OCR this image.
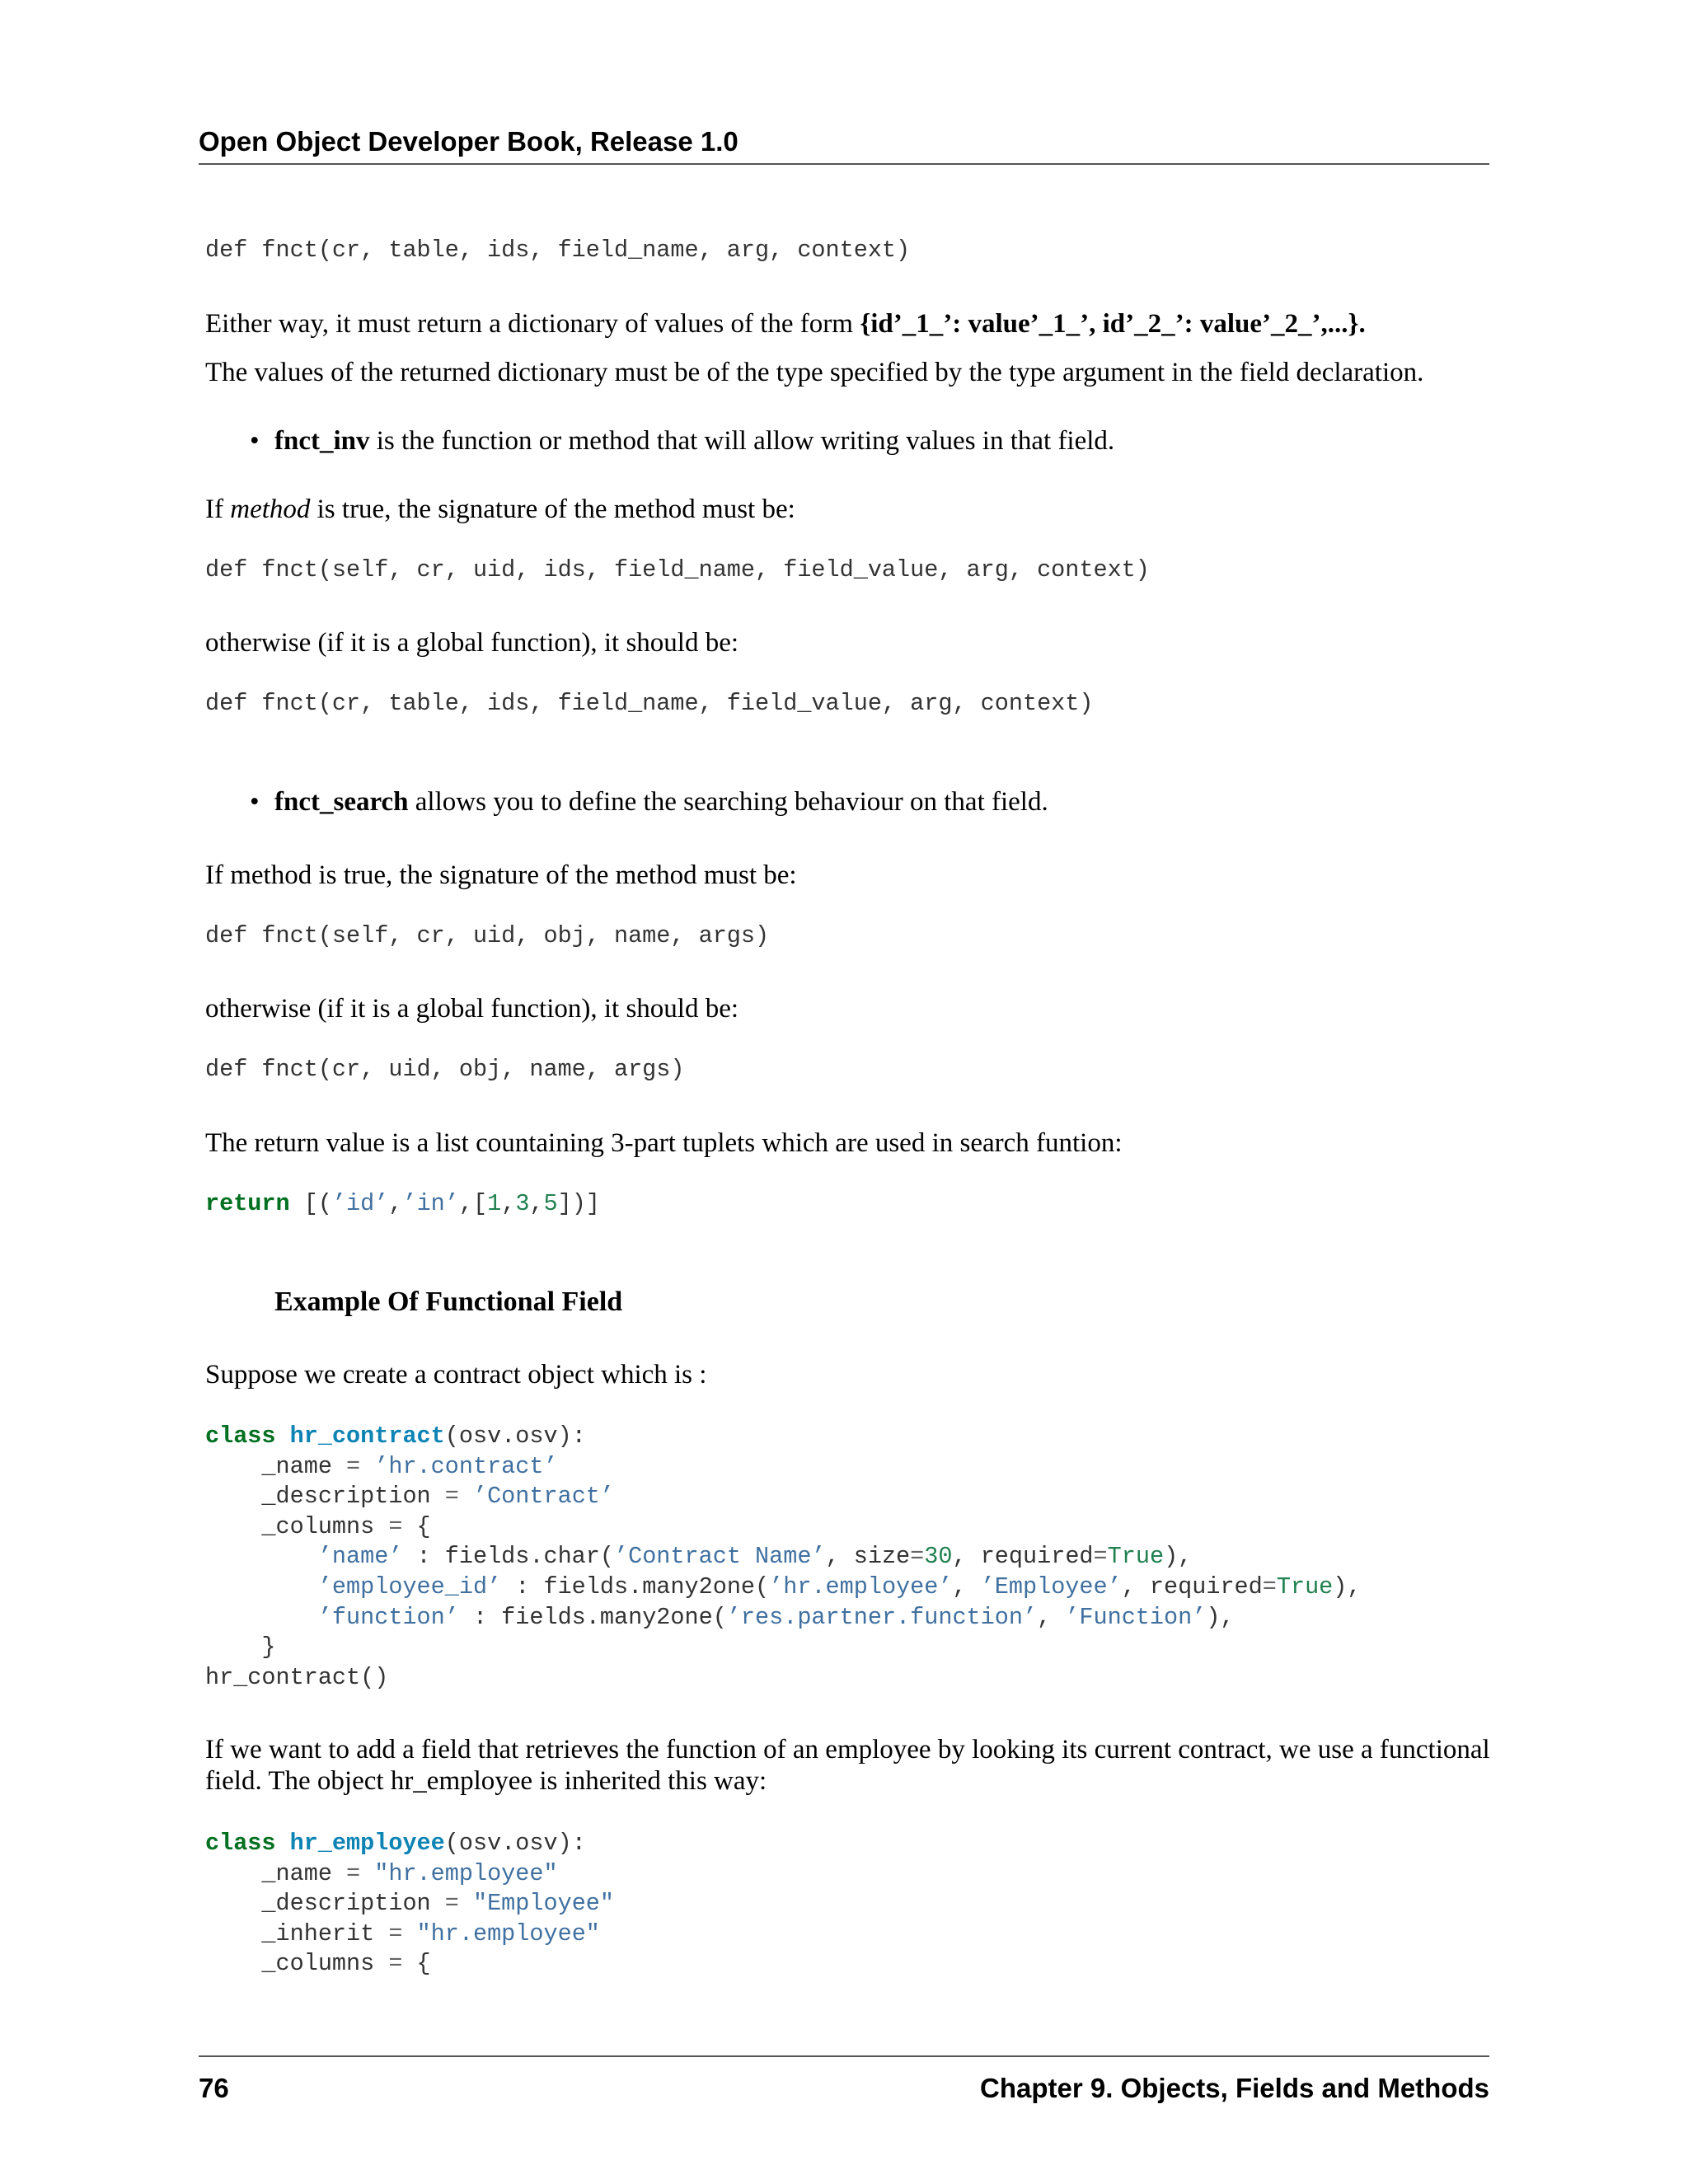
Open Object Developer Book, Release 1.0
def fnct(cr, table, ids, field_name, arg, context)
Either way, it must return a dictionary of values of the form {id’_1_’: value’_1_’, id’_2_’: value’_2_’,...}.
The values of the returned dictionary must be of the type specified by the type argument in the field declaration.
• fnct_inv is the function or method that will allow writing values in that field.
If method is true, the signature of the method must be:
def fnct(self, cr, uid, ids, field_name, field_value, arg, context)
otherwise (if it is a global function), it should be:
def fnct(cr, table, ids, field_name, field_value, arg, context)
• fnct_search allows you to define the searching behaviour on that field.
If method is true, the signature of the method must be:
def fnct(self, cr, uid, obj, name, args)
otherwise (if it is a global function), it should be:
def fnct(cr, uid, obj, name, args)
The return value is a list countaining 3-part tuplets which are used in search funtion:
return [(’id’,’in’,[1,3,5])]
Example Of Functional Field
Suppose we create a contract object which is :
class hr_contract(osv.osv):
_name = ’hr.contract’
_description = ’Contract’
_columns = {
’name’ : fields.char(’Contract Name’, size=30, required=True),
’employee_id’ : fields.many2one(’hr.employee’, ’Employee’, required=True),
’function’ : fields.many2one(’res.partner.function’, ’Function’),
}
hr_contract()
If we want to add a field that retrieves the function of an employee by looking its current contract, we use a functional field. The object hr_employee is inherited this way:
class hr_employee(osv.osv):
_name = "hr.employee"
_description = "Employee"
_inherit = "hr.employee"
_columns = {
76	Chapter 9. Objects, Fields and Methods
